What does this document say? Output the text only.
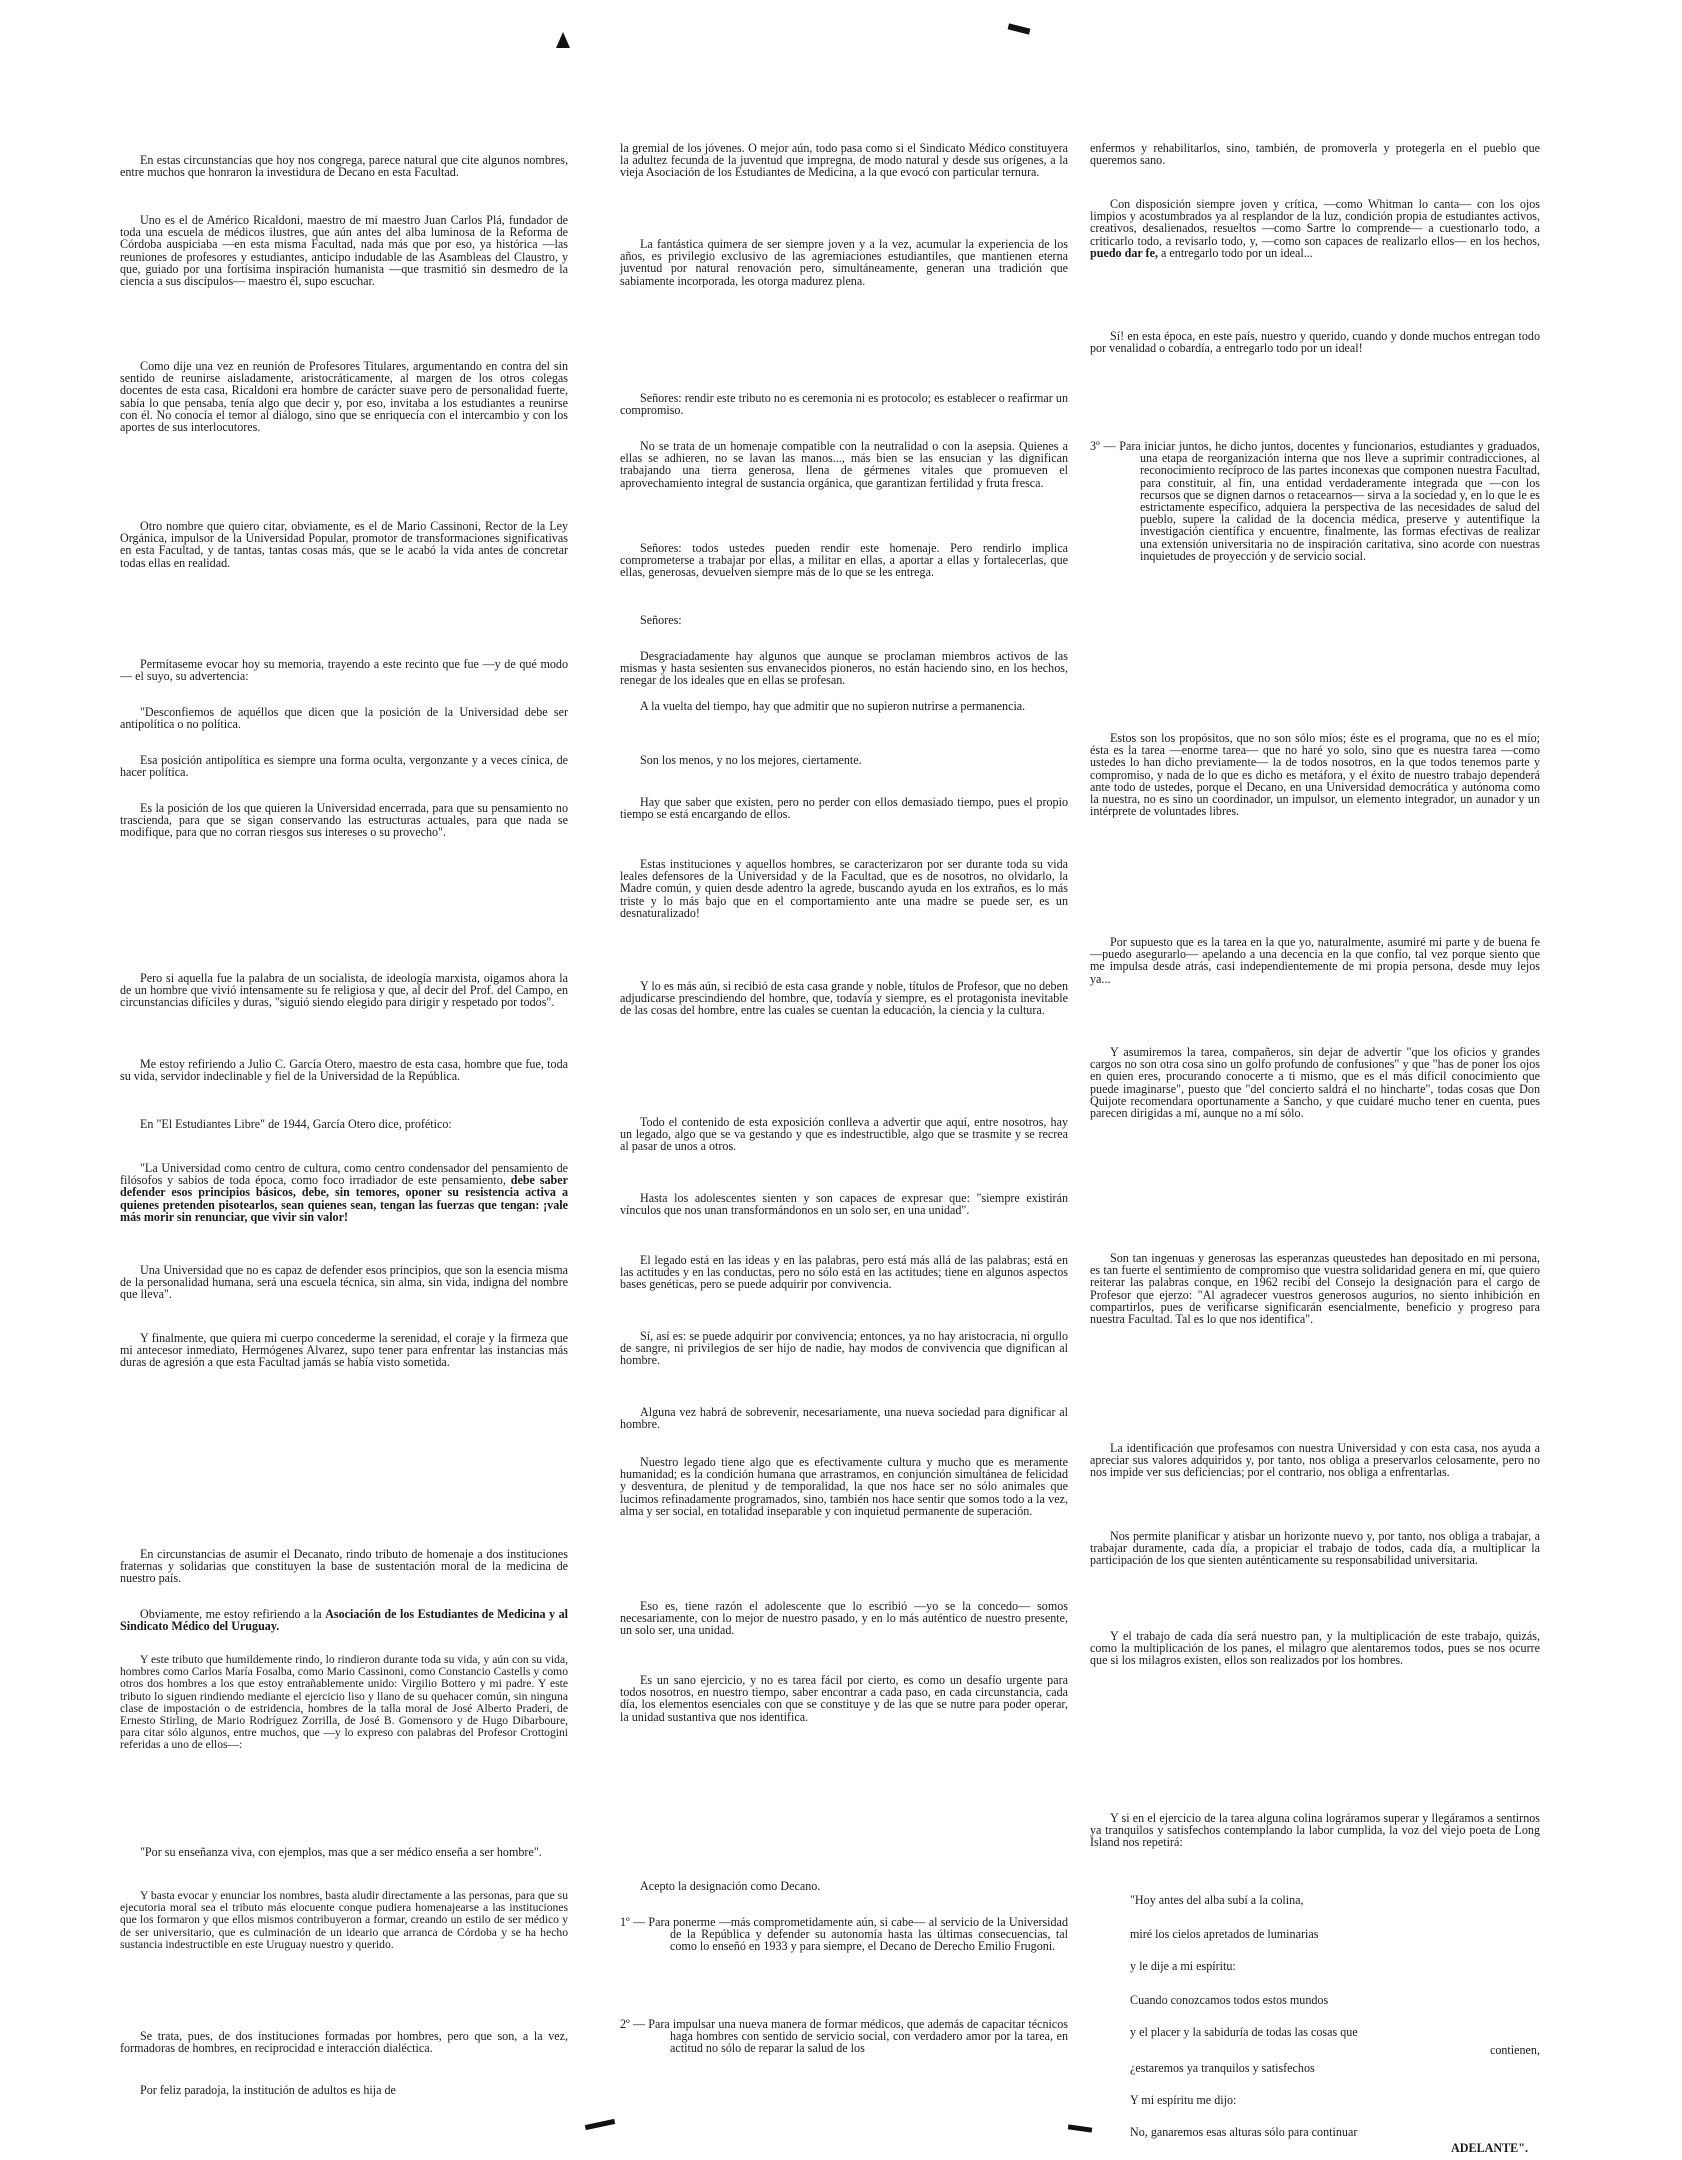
En estas circunstancias que hoy nos congrega, parece natural que cite algunos nombres, entre muchos que honraron la investidura de Decano en esta Facultad.

Uno es el de Américo Ricaldoni, maestro de mi maestro Juan Carlos Plá, fundador de toda una escuela de médicos ilustres, que aún antes del alba luminosa de la Reforma de Córdoba auspiciaba —en esta misma Facultad, nada más que por eso, ya histórica —las reuniones de profesores y estudiantes, anticipo indudable de las Asambleas del Claustro, y que, guiado por una fortísima inspiración humanista —que trasmitió sin desmedro de la ciencia a sus discípulos— maestro él, supo escuchar.

Como dije una vez en reunión de Profesores Titulares, argumentando en contra del sin sentido de reunirse aisladamente, aristocráticamente, al margen de los otros colegas docentes de esta casa, Ricaldoni era hombre de carácter suave pero de personalidad fuerte, sabía lo que pensaba, tenía algo que decir y, por eso, invitaba a los estudiantes a reunirse con él. No conocía el temor al diálogo, sino que se enriquecía con el intercambio y con los aportes de sus interlocutores.

Otro nombre que quiero citar, obviamente, es el de Mario Cassinoni, Rector de la Ley Orgánica, impulsor de la Universidad Popular, promotor de transformaciones significativas en esta Facultad, y de tantas, tantas cosas más, que se le acabó la vida antes de concretar todas ellas en realidad.

Permítaseme evocar hoy su memoria, trayendo a este recinto que fue —y de qué modo— el suyo, su advertencia:

"Desconfiemos de aquéllos que dicen que la posición de la Universidad debe ser antipolítica o no política.

Esa posición antipolítica es siempre una forma oculta, vergonzante y a veces cínica, de hacer política.

Es la posición de los que quieren la Universidad encerrada, para que su pensamiento no trascienda, para que se sigan conservando las estructuras actuales, para que nada se modifique, para que no corran riesgos sus intereses o su provecho".

Pero si aquella fue la palabra de un socialista, de ideología marxista, oigamos ahora la de un hombre que vivió intensamente su fe religiosa y que, al decir del Prof. del Campo, en circunstancias difíciles y duras, "siguió siendo elegido para dirigir y respetado por todos".

Me estoy refiriendo a Julio C. García Otero, maestro de esta casa, hombre que fue, toda su vida, servidor indeclinable y fiel de la Universidad de la República.

En "El Estudiantes Libre" de 1944, García Otero dice, profético:

"La Universidad como centro de cultura, como centro condensador del pensamiento de filósofos y sabios de toda época, como foco irradiador de este pensamiento, debe saber defender esos principios básicos, debe, sin temores, oponer su resistencia activa a quienes pretenden pisotearlos, sean quienes sean, tengan las fuerzas que tengan: ¡vale más morir sin renunciar, que vivir sin valor!

Una Universidad que no es capaz de defender esos principios, que son la esencia misma de la personalidad humana, será una escuela técnica, sin alma, sin vida, indigna del nombre que lleva".

Y finalmente, que quiera mi cuerpo concederme la serenidad, el coraje y la firmeza que mi antecesor inmediato, Hermógenes Alvarez, supo tener para enfrentar las instancias más duras de agresión a que esta Facultad jamás se había visto sometida.

En circunstancias de asumir el Decanato, rindo tributo de homenaje a dos instituciones fraternas y solidarias que constituyen la base de sustentación moral de la medicina de nuestro país.

Obviamente, me estoy refiriendo a la Asociación de los Estudiantes de Medicina y al Sindicato Médico del Uruguay.

Y este tributo que humildemente rindo, lo rindieron durante toda su vida, y aún con su vida, hombres como Carlos María Fosalba, como Mario Cassinoni, como Constancio Castells y como otros dos hombres a los que estoy entrañablemente unido: Virgilio Bottero y mi padre. Y este tributo lo siguen rindiendo mediante el ejercicio liso y llano de su quehacer común, sin ninguna clase de impostación o de estridencia, hombres de la talla moral de José Alberto Praderi, de Ernesto Stirling, de Mario Rodríguez Zorrilla, de José B. Gomensoro y de Hugo Dibarboure, para citar sólo algunos, entre muchos, que —y lo expreso con palabras del Profesor Crottogini referidas a uno de ellos—:

"Por su enseñanza viva, con ejemplos, mas que a ser médico enseña a ser hombre".

Y basta evocar y enunciar los nombres, basta aludir directamente a las personas, para que su ejecutoria moral sea el tributo más elocuente conque pudiera homenajearse a las instituciones que los formaron y que ellos mismos contribuyeron a formar, creando un estilo de ser médico y de ser universitario, que es culminación de un ideario que arranca de Córdoba y se ha hecho sustancia indestructible en este Uruguay nuestro y querido.

Se trata, pues, de dos instituciones formadas por hombres, pero que son, a la vez, formadoras de hombres, en reciprocidad e interacción dialéctica.

Por feliz paradoja, la institución de adultos es hija de

la gremial de los jóvenes. O mejor aún, todo pasa como si el Sindicato Médico constituyera la adultez fecunda de la juventud que impregna, de modo natural y desde sus orígenes, a la vieja Asociación de los Estudiantes de Medicina, a la que evocó con particular ternura.

La fantástica quimera de ser siempre joven y a la vez, acumular la experiencia de los años, es privilegio exclusivo de las agremiaciones estudiantiles, que mantienen eterna juventud por natural renovación pero, simultáneamente, generan una tradición que sabiamente incorporada, les otorga madurez plena.

Señores: rendir este tributo no es ceremonia ni es protocolo; es establecer o reafirmar un compromiso.

No se trata de un homenaje compatible con la neutralidad o con la asepsia. Quienes a ellas se adhieren, no se lavan las manos..., más bien se las ensucian y las dignifican trabajando una tierra generosa, llena de gérmenes vitales que promueven el aprovechamiento integral de sustancia orgánica, que garantizan fertilidad y fruta fresca.

Señores: todos ustedes pueden rendir este homenaje. Pero rendirlo implica comprometerse a trabajar por ellas, a militar en ellas, a aportar a ellas y fortalecerlas, que ellas, generosas, devuelven siempre más de lo que se les entrega.

Señores:

Desgraciadamente hay algunos que aunque se proclaman miembros activos de las mismas y hasta sesienten sus envanecidos pioneros, no están haciendo sino, en los hechos, renegar de los ideales que en ellas se profesan.

A la vuelta del tiempo, hay que admitir que no supieron nutrirse a permanencia.

Son los menos, y no los mejores, ciertamente.

Hay que saber que existen, pero no perder con ellos demasiado tiempo, pues el propio tiempo se está encargando de ellos.

Estas instituciones y aquellos hombres, se caracterizaron por ser durante toda su vida leales defensores de la Universidad y de la Facultad, que es de nosotros, no olvidarlo, la Madre común, y quien desde adentro la agrede, buscando ayuda en los extraños, es lo más triste y lo más bajo que en el comportamiento ante una madre se puede ser, es un desnaturalizado!

Y lo es más aún, si recibió de esta casa grande y noble, títulos de Profesor, que no deben adjudicarse prescindiendo del hombre, que, todavía y siempre, es el protagonista inevitable de las cosas del hombre, entre las cuales se cuentan la educación, la ciencia y la cultura.

Todo el contenido de esta exposición conlleva a advertir que aquí, entre nosotros, hay un legado, algo que se va gestando y que es indestructible, algo que se trasmite y se recrea al pasar de unos a otros.

Hasta los adolescentes sienten y son capaces de expresar que: "siempre existirán vínculos que nos unan transformándonos en un solo ser, en una unidad".

El legado está en las ideas y en las palabras, pero está más allá de las palabras; está en las actitudes y en las conductas, pero no sólo está en las actitudes; tiene en algunos aspectos bases genéticas, pero se puede adquirir por convivencia.

Sí, así es: se puede adquirir por convivencia; entonces, ya no hay aristocracia, ni orgullo de sangre, ni privilegios de ser hijo de nadie, hay modos de convivencia que dignifican al hombre.

Alguna vez habrá de sobrevenir, necesariamente, una nueva sociedad para dignificar al hombre.

Nuestro legado tiene algo que es efectivamente cultura y mucho que es meramente humanidad; es la condición humana que arrastramos, en conjunción simultánea de felicidad y desventura, de plenitud y de temporalidad, la que nos hace ser no sólo animales que lucimos refinadamente programados, sino, también nos hace sentir que somos todo a la vez, alma y ser social, en totalidad inseparable y con inquietud permanente de superación.

Eso es, tiene razón el adolescente que lo escribió —yo se la concedo— somos necesariamente, con lo mejor de nuestro pasado, y en lo más auténtico de nuestro presente, un solo ser, una unidad.

Es un sano ejercicio, y no es tarea fácil por cierto, es como un desafío urgente para todos nosotros, en nuestro tiempo, saber encontrar a cada paso, en cada circunstancia, cada día, los elementos esenciales con que se constituye y de las que se nutre para poder operar, la unidad sustantiva que nos identifica.

Acepto la designación como Decano.

1º — Para ponerme —más comprometidamente aún, si cabe— al servicio de la Universidad de la República y defender su autonomía hasta las últimas consecuencias, tal como lo enseñó en 1933 y para siempre, el Decano de Derecho Emilio Frugoni.

2º — Para impulsar una nueva manera de formar médicos, que además de capacitar técnicos haga hombres con sentido de servicio social, con verdadero amor por la tarea, en actitud no sólo de reparar la salud de los

enfermos y rehabilitarlos, sino, también, de promoverla y protegerla en el pueblo que queremos sano.

Con disposición siempre joven y crítica, —como Whitman lo canta— con los ojos limpios y acostumbrados ya al resplandor de la luz, condición propia de estudiantes activos, creativos, desalienados, resueltos —como Sartre lo comprende— a cuestionarlo todo, a criticarlo todo, a revisarlo todo, y, —como son capaces de realizarlo ellos— en los hechos, puedo dar fe, a entregarlo todo por un ideal...

Sí! en esta época, en este país, nuestro y querido, cuando y donde muchos entregan todo por venalidad o cobardía, a entregarlo todo por un ideal!

3º — Para iniciar juntos, he dicho juntos, docentes y funcionarios, estudiantes y graduados, una etapa de reorganización interna que nos lleve a suprimir contradicciones, al reconocimiento recíproco de las partes inconexas que componen nuestra Facultad, para constituir, al fin, una entidad verdaderamente integrada que —con los recursos que se dignen darnos o retacearnos— sirva a la sociedad y, en lo que le es estrictamente específico, adquiera la perspectiva de las necesidades de salud del pueblo, supere la calidad de la docencia médica, preserve y autentifique la investigación científica y encuentre, finalmente, las formas efectivas de realizar una extensión universitaria no de inspiración caritativa, sino acorde con nuestras inquietudes de proyección y de servicio social.

Estos son los propósitos, que no son sólo míos; éste es el programa, que no es el mío; ésta es la tarea —enorme tarea— que no haré yo solo, sino que es nuestra tarea —como ustedes lo han dicho previamente— la de todos nosotros, en la que todos tenemos parte y compromiso, y nada de lo que es dicho es metáfora, y el éxito de nuestro trabajo dependerá ante todo de ustedes, porque el Decano, en una Universidad democrática y autónoma como la nuestra, no es sino un coordinador, un impulsor, un elemento integrador, un aunador y un intérprete de voluntades libres.

Por supuesto que es la tarea en la que yo, naturalmente, asumiré mi parte y de buena fe —puedo asegurarlo— apelando a una decencia en la que confío, tal vez porque siento que me impulsa desde atrás, casi independientemente de mi propia persona, desde muy lejos ya...

Y asumiremos la tarea, compañeros, sin dejar de advertir "que los oficios y grandes cargos no son otra cosa sino un golfo profundo de confusiones" y que "has de poner los ojos en quien eres, procurando conocerte a ti mismo, que es el más difícil conocimiento que puede imaginarse", puesto que "del concierto saldrá el no hincharte", todas cosas que Don Quijote recomendara oportunamente a Sancho, y que cuidaré mucho tener en cuenta, pues parecen dirigidas a mí, aunque no a mí sólo.

Son tan ingenuas y generosas las esperanzas queustedes han depositado en mi persona, es tan fuerte el sentimiento de compromiso que vuestra solidaridad genera en mí, que quiero reiterar las palabras conque, en 1962 recibí del Consejo la designación para el cargo de Profesor que ejerzo: "Al agradecer vuestros generosos augurios, no siento inhibición en compartirlos, pues de verificarse significarán esencialmente, beneficio y progreso para nuestra Facultad. Tal es lo que nos identifica".

La identificación que profesamos con nuestra Universidad y con esta casa, nos ayuda a apreciar sus valores adquiridos y, por tanto, nos obliga a preservarlos celosamente, pero no nos impide ver sus deficiencias; por el contrario, nos obliga a enfrentarlas.

Nos permite planificar y atisbar un horizonte nuevo y, por tanto, nos obliga a trabajar, a trabajar duramente, cada día, a propiciar el trabajo de todos, cada día, a multiplicar la participación de los que sienten auténticamente su responsabilidad universitaria.

Y el trabajo de cada día será nuestro pan, y la multiplicación de este trabajo, quizás, como la multiplicación de los panes, el milagro que alentaremos todos, pues se nos ocurre que si los milagros existen, ellos son realizados por los hombres.

Y si en el ejercicio de la tarea alguna colina lográramos superar y llegáramos a sentirnos ya tranquilos y satisfechos contemplando la labor cumplida, la voz del viejo poeta de Long Island nos repetirá:

"Hoy antes del alba subí a la colina,

miré los cielos apretados de luminarias

y le dije a mi espíritu:

Cuando conozcamos todos estos mundos

y el placer y la sabiduría de todas las cosas que

contienen,

¿estaremos ya tranquilos y satisfechos

Y mi espíritu me dijo:

No, ganaremos esas alturas sólo para continuar

ADELANTE".
